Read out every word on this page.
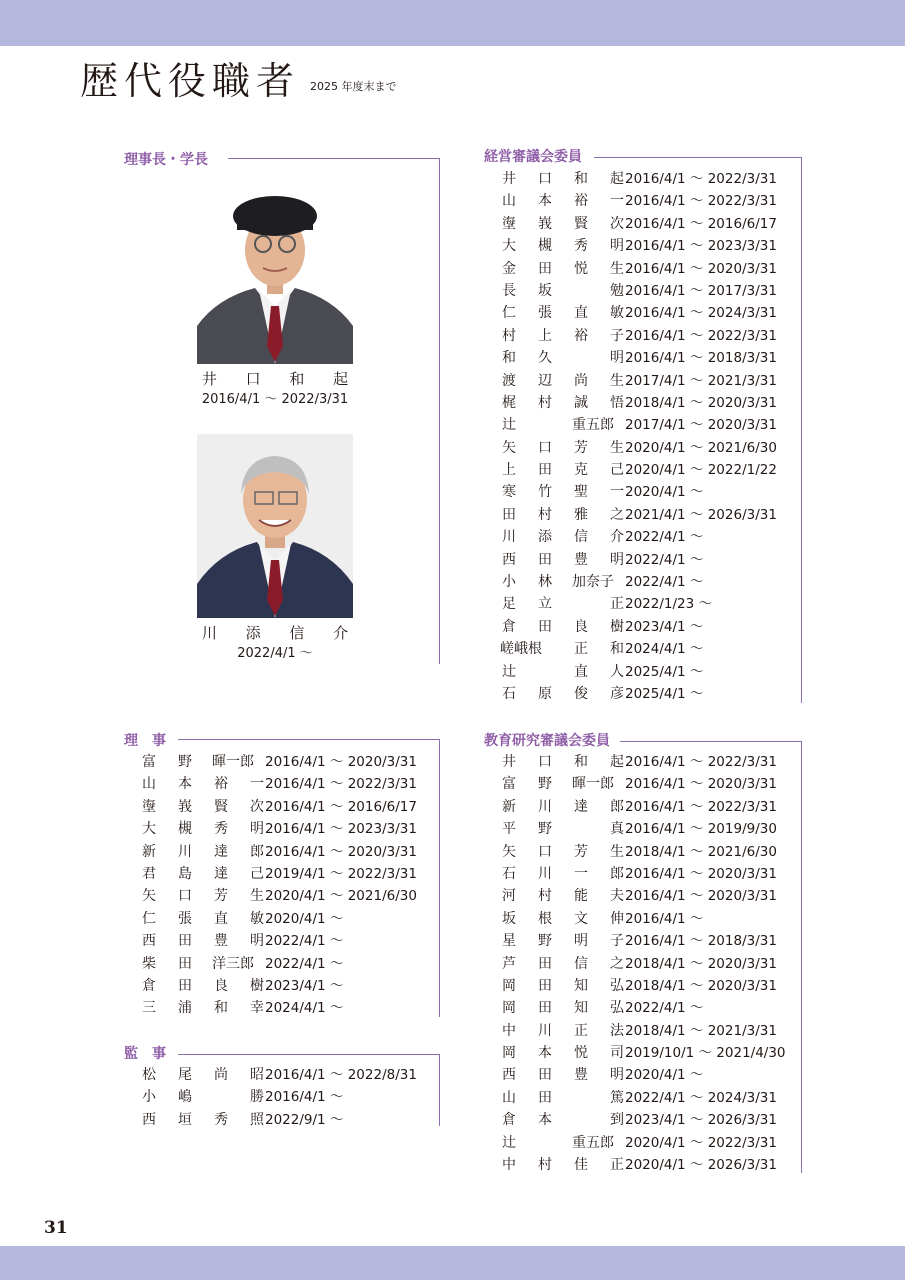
歴代役職者 2025 年度末まで
理事長・学長
井 口 和 起
2016/4/1 ～ 2022/3/31
川 添 信 介
2022/4/1 ～
理　事
富 野 暉一郎 2016/4/1 ～ 2020/3/31
山 本 裕 一 2016/4/1 ～ 2022/3/31
塰 峩 賢 次 2016/4/1 ～ 2016/6/17
大 槻 秀 明 2016/4/1 ～ 2023/3/31
新 川 達 郎 2016/4/1 ～ 2020/3/31
君 島 達 己 2019/4/1 ～ 2022/3/31
矢 口 芳 生 2020/4/1 ～ 2021/6/30
仁 張 直 敏 2020/4/1 ～
西 田 豊 明 2022/4/1 ～
柴 田 洋三郎 2022/4/1 ～
倉 田 良 樹 2023/4/1 ～
三 浦 和 幸 2024/4/1 ～
監　事
松 尾 尚 昭 2016/4/1 ～ 2022/8/31
小 嶋	勝 2016/4/1 ～
西 垣 秀 照 2022/9/1 ～
経営審議会委員
井 口 和 起 2016/4/1 ～ 2022/3/31
山 本 裕 一 2016/4/1 ～ 2022/3/31
塰 峩 賢 次 2016/4/1 ～ 2016/6/17
大 槻 秀 明 2016/4/1 ～ 2023/3/31
金 田 悦 生 2016/4/1 ～ 2020/3/31
長 坂	勉 2016/4/1 ～ 2017/3/31
仁 張 直 敏 2016/4/1 ～ 2024/3/31
村 上 裕 子 2016/4/1 ～ 2022/3/31
和 久	明 2016/4/1 ～ 2018/3/31
渡 辺 尚 生 2017/4/1 ～ 2021/3/31
梶 村 誠 悟 2018/4/1 ～ 2020/3/31
辻	重五郎 2017/4/1 ～ 2020/3/31
矢 口 芳 生 2020/4/1 ～ 2021/6/30
上 田 克 己 2020/4/1 ～ 2022/1/22
寒 竹 聖 一 2020/4/1 ～
田 村 雅 之 2021/4/1 ～ 2026/3/31
川 添 信 介 2022/4/1 ～
西 田 豊 明 2022/4/1 ～
小 林 加奈子 2022/4/1 ～
足 立	正 2022/1/23 ～
倉 田 良 樹 2023/4/1 ～
嵯峨根 正 和 2024/4/1 ～
辻	直 人 2025/4/1 ～
石 原 俊 彦 2025/4/1 ～
教育研究審議会委員
井 口 和 起 2016/4/1 ～ 2022/3/31
富 野 暉一郎 2016/4/1 ～ 2020/3/31
新 川 達 郎 2016/4/1 ～ 2022/3/31
平 野	真 2016/4/1 ～ 2019/9/30
矢 口 芳 生 2018/4/1 ～ 2021/6/30
石 川 一 郎 2016/4/1 ～ 2020/3/31
河 村 能 夫 2016/4/1 ～ 2020/3/31
坂 根 文 伸 2016/4/1 ～
星 野 明 子 2016/4/1 ～ 2018/3/31
芦 田 信 之 2018/4/1 ～ 2020/3/31
岡 田 知 弘 2018/4/1 ～ 2020/3/31
岡 田 知 弘 2022/4/1 ～
中 川 正 法 2018/4/1 ～ 2021/3/31
岡 本 悦 司 2019/10/1 ～ 2021/4/30
西 田 豊 明 2020/4/1 ～
山 田	篤 2022/4/1 ～ 2024/3/31
倉 本	到 2023/4/1 ～ 2026/3/31
辻	重五郎 2020/4/1 ～ 2022/3/31
中 村 佳 正 2020/4/1 ～ 2026/3/31
31
